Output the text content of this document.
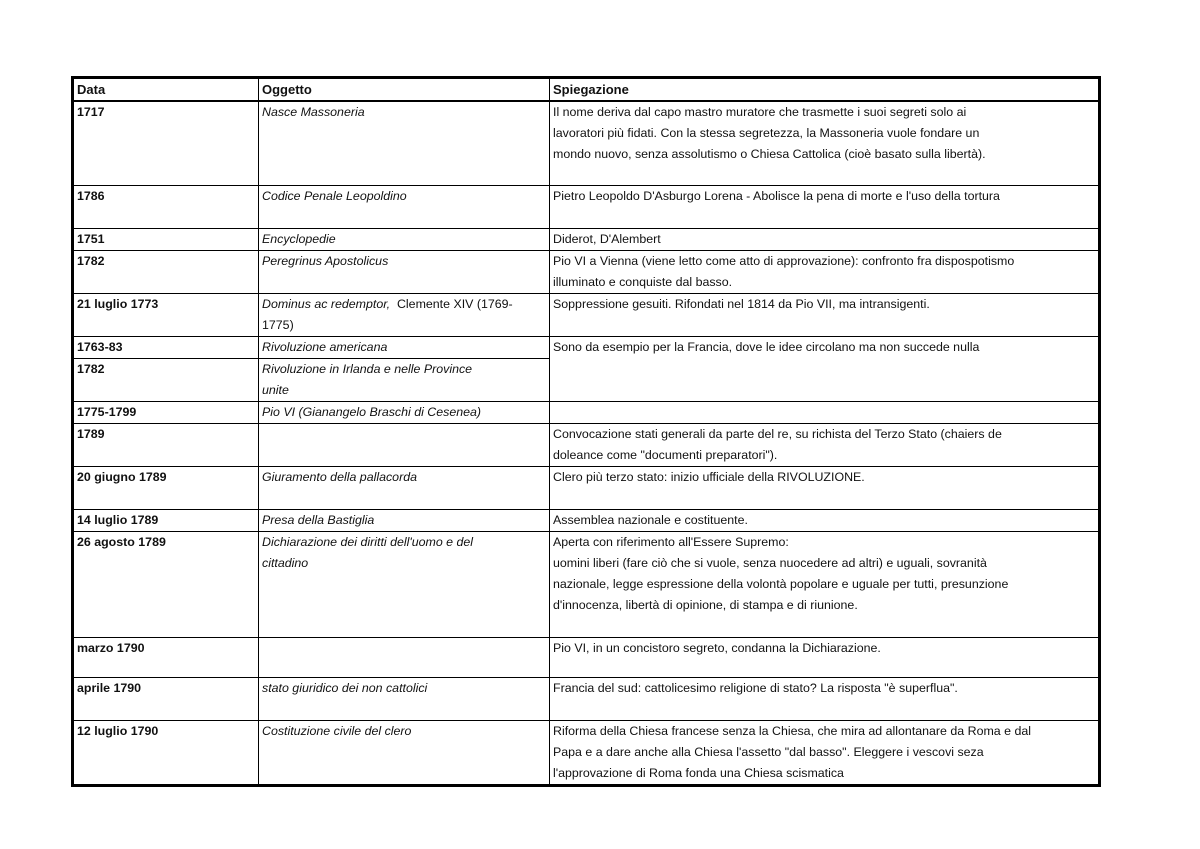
Data	Oggetto	Spiegazione
1717	Nasce Massoneria	Il nome deriva dal capo mastro muratore che trasmette i suoi segreti solo ai
lavoratori più fidati. Con la stessa segretezza, la Massoneria vuole fondare un
mondo nuovo, senza assolutismo o Chiesa Cattolica (cioè basato sulla libertà).

1786	Codice Penale Leopoldino	Pietro Leopoldo D'Asburgo Lorena - Abolisce la pena di morte e l'uso della tortura

1751	Encyclopedie	Diderot, D'Alembert

1782	Peregrinus Apostolicus	Pio VI a Vienna (viene letto come atto di approvazione): confronto fra dispospotismo
illuminato e conquiste dal basso.

21 luglio 1773	Dominus ac redemptor, Clemente XIV (1769-
1775)	Soppressione gesuiti. Rifondati nel 1814 da Pio VII, ma intransigenti.

1763-83	Rivoluzione americana	Sono da esempio per la Francia, dove le idee circolano ma non succede nulla

1782	Rivoluzione in Irlanda e nelle Province
unite	

1775-1799	Pio VI (Gianangelo Braschi di Cesenea)	

1789		Convocazione stati generali da parte del re, su richista del Terzo Stato (chaiers de
doleance come "documenti preparatori").

20 giugno 1789	Giuramento della pallacorda	Clero più terzo stato: inizio ufficiale della RIVOLUZIONE.

14 luglio 1789	Presa della Bastiglia	Assemblea nazionale e costituente.

26 agosto 1789	Dichiarazione dei diritti dell'uomo e del
cittadino	Aperta con riferimento all'Essere Supremo:
uomini liberi (fare ciò che si vuole, senza nuocedere ad altri) e uguali, sovranità
nazionale, legge espressione della volontà popolare e uguale per tutti, presunzione
d'innocenza, libertà di opinione, di stampa e di riunione.

marzo 1790		Pio VI, in un concistoro segreto, condanna la Dichiarazione.

aprile 1790	stato giuridico dei non cattolici	Francia del sud: cattolicesimo religione di stato? La risposta "è superflua".

12 luglio 1790	Costituzione civile del clero	Riforma della Chiesa francese senza la Chiesa, che mira ad allontanare da Roma e dal
Papa e a dare anche alla Chiesa l'assetto "dal basso". Eleggere i vescovi seza
l'approvazione di Roma fonda una Chiesa scismatica
